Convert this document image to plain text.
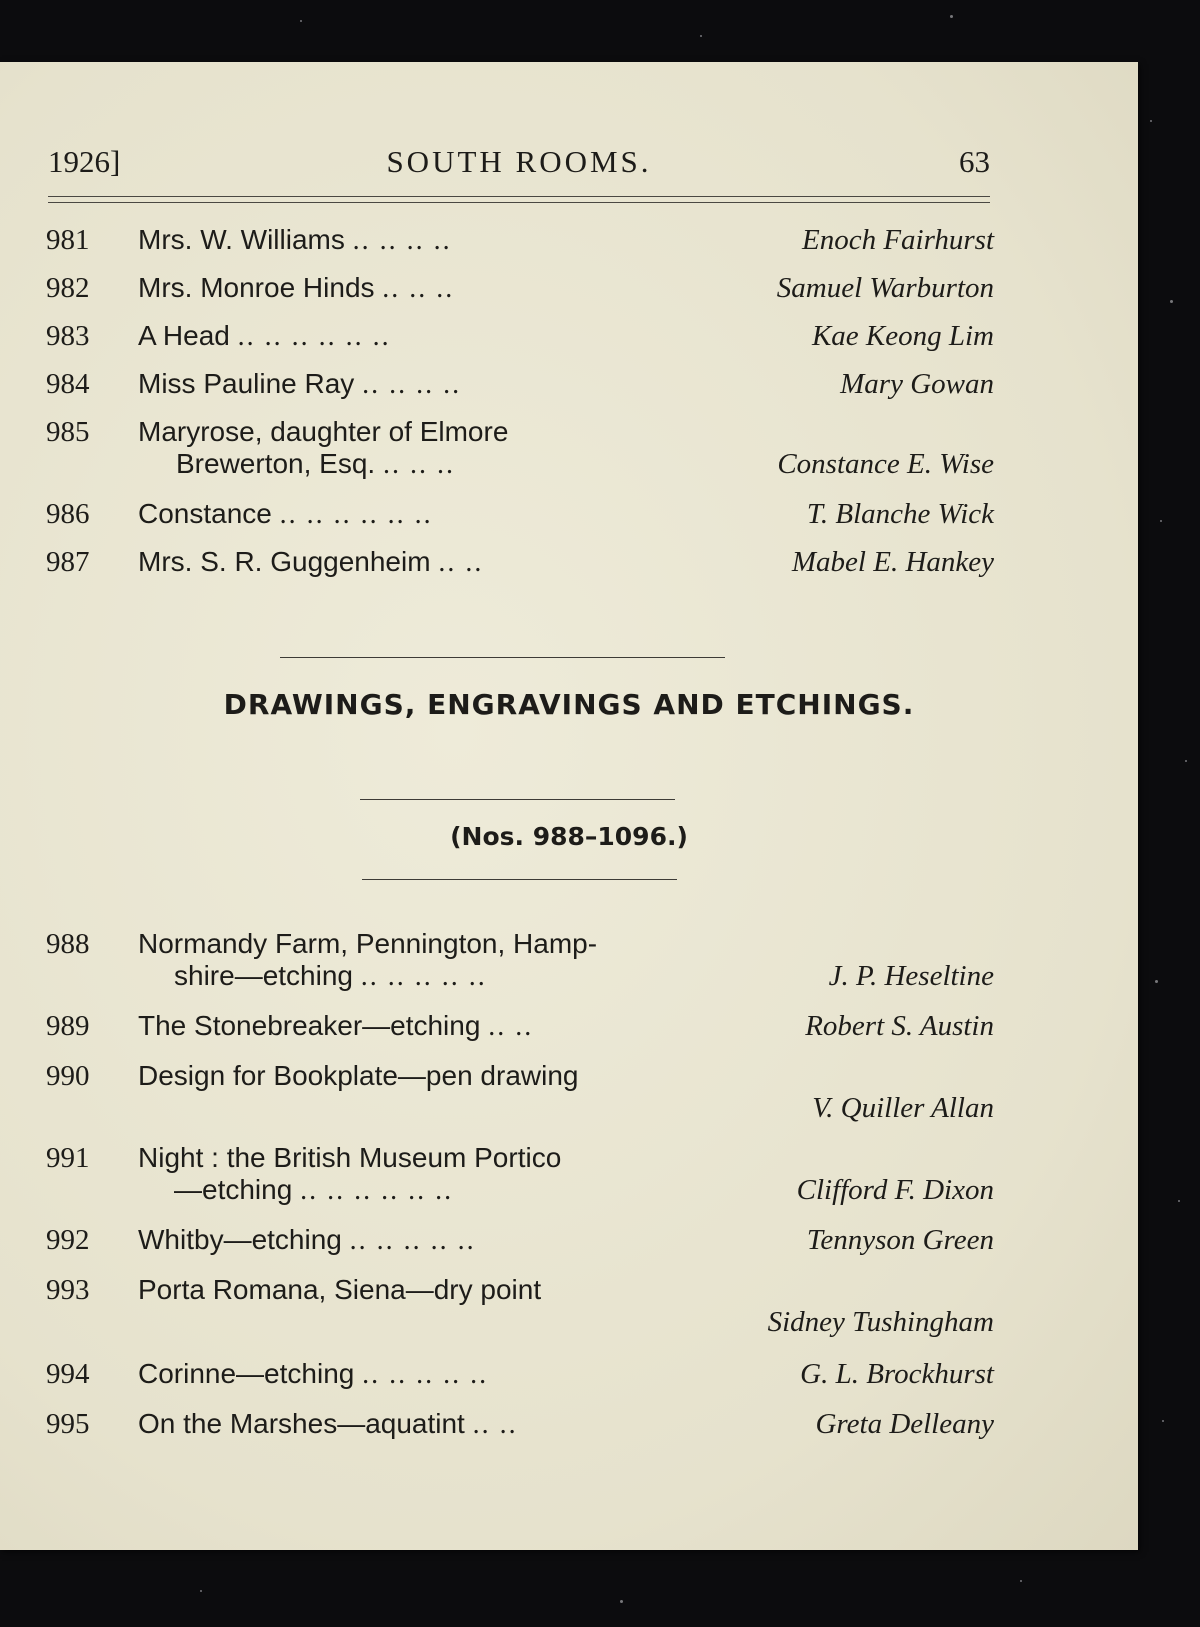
1926]	SOUTH ROOMS.	63
981 Mrs. W. Williams .. .. .. ..	Enoch Fairhurst
982 Mrs. Monroe Hinds .. .. ..	Samuel Warburton
983 A Head .. .. .. .. .. ..	Kae Keong Lim
984 Miss Pauline Ray .. .. .. ..	Mary Gowan
985 Maryrose, daughter of Elmore
Brewerton, Esq. .. .. ..	Constance E. Wise
986 Constance .. .. .. .. .. ..	T. Blanche Wick
987 Mrs. S. R. Guggenheim .. ..	Mabel E. Hankey
DRAWINGS, ENGRAVINGS AND ETCHINGS.
(Nos. 988–1096.)
988 Normandy Farm, Pennington, Hamp-
shire—etching .. .. .. .. ..	J. P. Heseltine
989 The Stonebreaker—etching .. ..	Robert S. Austin
990 Design for Bookplate—pen drawing
V. Quiller Allan
991 Night : the British Museum Portico
—etching .. .. .. .. .. ..	Clifford F. Dixon
992 Whitby—etching .. .. .. .. ..	Tennyson Green
993 Porta Romana, Siena—dry point
Sidney Tushingham
994 Corinne—etching .. .. .. .. ..	G. L. Brockhurst
995 On the Marshes—aquatint .. ..	Greta Delleany
